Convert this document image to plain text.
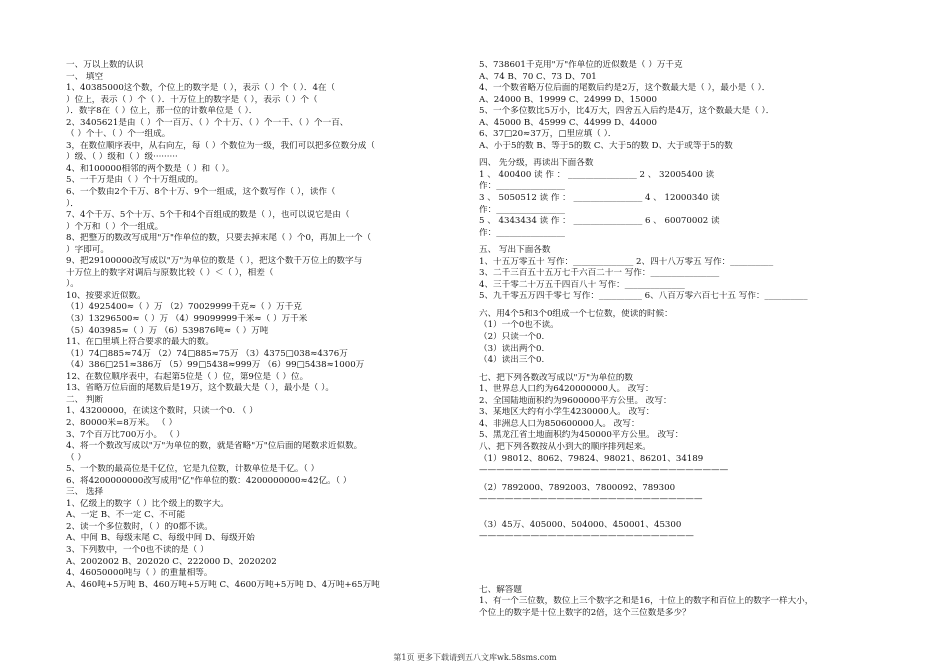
一、万以上数的认识
一、 填空
1、40385000这个数，个位上的数字是（ ），表示（ ）个（ ）．4在（
）位上，表示（ ）个（ ）．十万位上的数字是（ ），表示（ ）个（
）．数字8在（ ）位上，那一位的计数单位是（ ）．
2、3405621是由（ ）个一百万、（ ）个十万、（ ）个一千、（ ）个一百、
（ ）个十、（ ）个一组成。
3，在数位顺序表中，从右向左，每（ ）个数位为一级，我们可以把多位数分成（
）级、（ ）级和（ ）级·········
4、和100000相邻的两个数是（ ）和（ ）。
5、一千万是由（ ）个十万组成的。
6、一个数由2个千万、8个十万、9个一组成，这个数写作（ ），读作（
）．
7、4个千万、5个十万、5个千和4个百组成的数是（ ），也可以说它是由（
）个万和（ ）个一组成。
8、把整万的数改写成用"万"作单位的数，只要去掉末尾（ ）个0，再加上一个（
）字即可。
9、把29100000改写成以"万"为单位的数是（ ），把这个数千万位上的数字与
十万位上的数字对调后与原数比较（ ）＜（ ），相差（
）。
10、按要求近似数。
（1）4925400≈（ ）万 （2）70029999千克≈（ ）万千克
（3）13296500≈（ ）万 （4）99099999千米≈（ ）万千米
（5）403985≈（ ）万 （6）539876吨≈（ ）万吨
11、在□里填上符合要求的最大的数。
（1）74□885≈74万 （2）74□885≈75万 （3）4375□038≈4376万
（4）386□251≈386万 （5）99□5438≈999万 （6）99□5438≈1000万
12、在数位顺序表中，右起第5位是（ ）位，第9位是（ ）位。
13、省略万位后面的尾数后是19万，这个数最大是（ ），最小是（ ）。
二、 判断
1、43200000，在读这个数时，只读一个0. （ ）
2、80000米=8万米。 （ ）
3、7个百万比700万小。 （ ）
4、将一个数改写成以"万"为单位的数，就是省略"万"位后面的尾数求近似数。
（ ）
5、一个数的最高位是千亿位，它是九位数，计数单位是千亿。（ ）
6、将4200000000改写成用"亿"作单位的数：4200000000≈42亿。（ ）
三、 选择
1、亿级上的数字（ ）比个级上的数字大。
A、一定 B、不一定 C、不可能
2、读一个多位数时，（ ）的0都不读。
A、中间 B、每级末尾 C、每级中间 D、每级开始
3、下列数中，一个0也不读的是（ ）
A、2002002 B、202020 C、222000 D、2020202
4、46050000吨与（ ）的重量相等。
A、460吨+5万吨 B、460万吨+5万吨 C、4600万吨+5万吨 D、4万吨+65万吨
5、738601千克用"万"作单位的近似数是（ ）万千克
A、74 B、70 C、73 D、701
4、一个数省略万位后面的尾数后约是2万，这个数最大是（ ），最小是（ ）．
A、24000 B、19999 C、24999 D、15000
5、一个多位数比5万小，比4万大，四舍五入后约是4万，这个数最大是（ ）．
A、45000 B、45999 C、44999 D、44000
6、37□20≈37万，□里应填（ ）．
A、小于5的数 B、等于5的数 C、大于5的数 D、大于或等于5的数
四、 先分级，再读出下面各数
1 、 400400 读 作 ： ________________ 2 、 32005400 读
作：________________
3 、 5050512 读 作 ： ________________ 4 、 12000340 读
作：________________
5 、 4343434 读 作 ： ________________ 6 、 60070002 读
作：________________
五、 写出下面各数
1、十五万零五十 写作：______________ 2、四十八万零五 写作：__________
3、二千三百五十五万七千六百二十一 写作：________________
4、三千零二十万五千四百八十 写作：______________
5、九千零五万四千零七 写作：__________ 6、八百万零六百七十五 写作：__________
六、用4个5和3个0组成一个七位数，使读的时候：
（1）一个0也不读。
（2）只读一个0.
（3）读出两个0.
（4）读出三个0.
七、把下列各数改写成以"万"为单位的数
1、世界总人口约为6420000000人。 改写：
2、全国陆地面积约为9600000平方公里。 改写：
3、某地区大约有小学生4230000人。 改写：
4、非洲总人口为850600000人。 改写：
5、黑龙江省土地面积约为450000平方公里。 改写：
八、把下列各数按从小到大的顺序排列起来。
（1）98012、8062、79824、98021、86201、34189
—————————————————————————————
（2）7892000、7892003、7800092、789300
——————————————————————————
（3）45万、405000、504000、450001、45300
—————————————————————————
七、解答题
1、有一个三位数，数位上三个数字之和是16，十位上的数字和百位上的数字一样大小，
个位上的数字是十位上数字的2倍，这个三位数是多少？
第1页 更多下载请到五八文库wk.58sms.com
